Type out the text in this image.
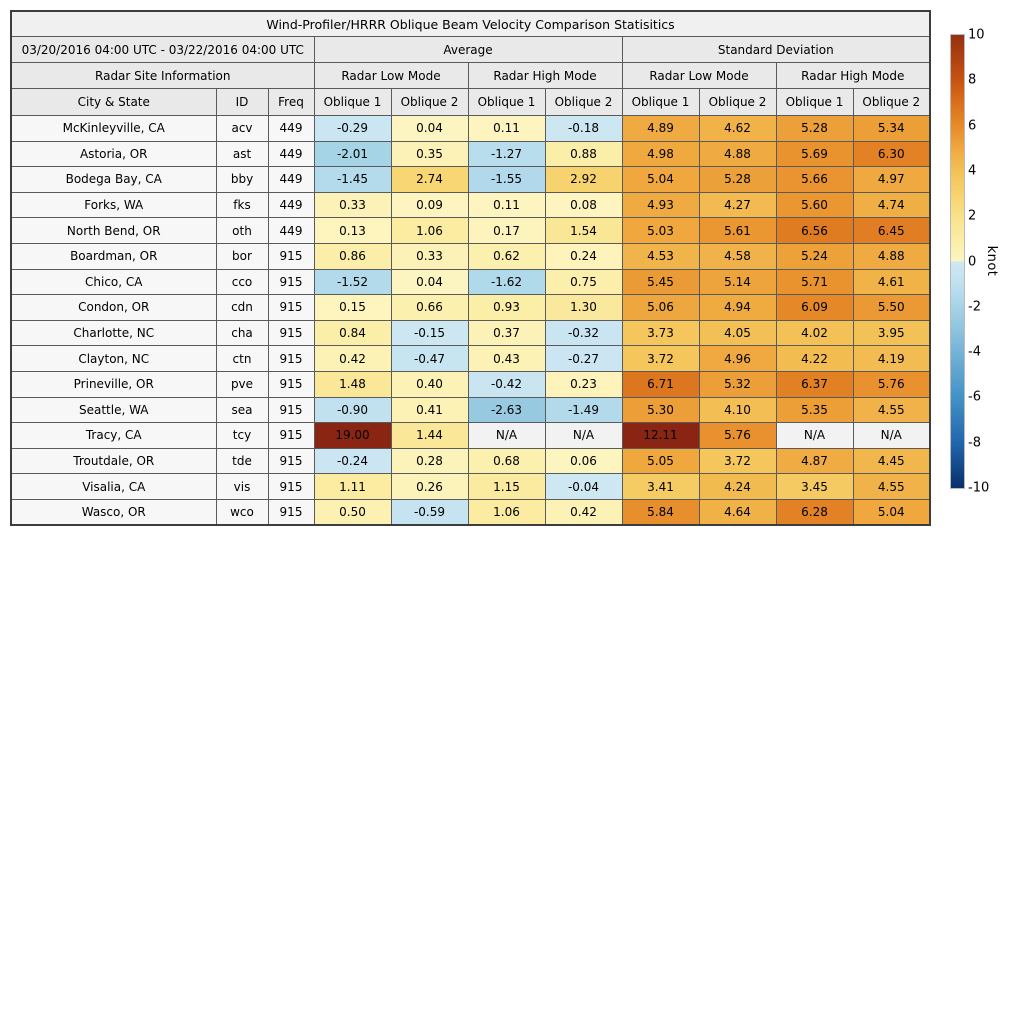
Wind-Profiler/HRRR Oblique Beam Velocity Comparison Statisitics										
03/20/2016 04:00 UTC - 03/22/2016 04:00 UTC			Average				Standard Deviation			
Radar Site Information			Radar Low Mode		Radar High Mode		Radar Low Mode		Radar High Mode	
City & State	ID	Freq	Oblique 1	Oblique 2	Oblique 1	Oblique 2	Oblique 1	Oblique 2	Oblique 1	Oblique 2
McKinleyville, CA	acv	449	-0.29	0.04	0.11	-0.18	4.89	4.62	5.28	5.34
Astoria, OR	ast	449	-2.01	0.35	-1.27	0.88	4.98	4.88	5.69	6.30
Bodega Bay, CA	bby	449	-1.45	2.74	-1.55	2.92	5.04	5.28	5.66	4.97
Forks, WA	fks	449	0.33	0.09	0.11	0.08	4.93	4.27	5.60	4.74
North Bend, OR	oth	449	0.13	1.06	0.17	1.54	5.03	5.61	6.56	6.45
Boardman, OR	bor	915	0.86	0.33	0.62	0.24	4.53	4.58	5.24	4.88
Chico, CA	cco	915	-1.52	0.04	-1.62	0.75	5.45	5.14	5.71	4.61
Condon, OR	cdn	915	0.15	0.66	0.93	1.30	5.06	4.94	6.09	5.50
Charlotte, NC	cha	915	0.84	-0.15	0.37	-0.32	3.73	4.05	4.02	3.95
Clayton, NC	ctn	915	0.42	-0.47	0.43	-0.27	3.72	4.96	4.22	4.19
Prineville, OR	pve	915	1.48	0.40	-0.42	0.23	6.71	5.32	6.37	5.76
Seattle, WA	sea	915	-0.90	0.41	-2.63	-1.49	5.30	4.10	5.35	4.55
Tracy, CA	tcy	915	19.00	1.44	N/A	N/A	12.11	5.76	N/A	N/A
Troutdale, OR	tde	915	-0.24	0.28	0.68	0.06	5.05	3.72	4.87	4.45
Visalia, CA	vis	915	1.11	0.26	1.15	-0.04	3.41	4.24	3.45	4.55
Wasco, OR	wco	915	0.50	-0.59	1.06	0.42	5.84	4.64	6.28	5.04
10
8
6
4
2
0
-2
-4
-6
-8
-10
knot
